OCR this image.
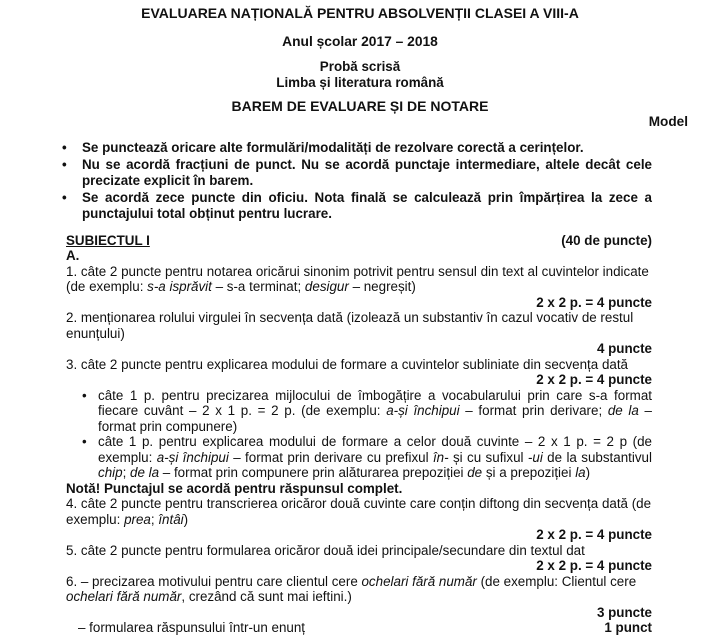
EVALUAREA NAȚIONALĂ PENTRU ABSOLVENȚII CLASEI A VIII-A
Anul școlar 2017 – 2018
Probă scrisă
Limba și literatura română
BAREM DE EVALUARE ȘI DE NOTARE
Model
• Se punctează oricare alte formulări/modalități de rezolvare corectă a cerințelor.
• Nu se acordă fracțiuni de punct. Nu se acordă punctaje intermediare, altele decât cele precizate explicit în barem.
• Se acordă zece puncte din oficiu. Nota finală se calculează prin împărțirea la zece a punctajului total obținut pentru lucrare.
SUBIECTUL I	(40 de puncte)
A.
1. câte 2 puncte pentru notarea oricărui sinonim potrivit pentru sensul din text al cuvintelor indicate (de exemplu: s-a isprăvit – s-a terminat; desigur – negreșit)
2 x 2 p. = 4 puncte
2. menționarea rolului virgulei în secvența dată (izolează un substantiv în cazul vocativ de restul enunțului)
4 puncte
3. câte 2 puncte pentru explicarea modului de formare a cuvintelor subliniate din secvența dată
2 x 2 p. = 4 puncte
• câte 1 p. pentru precizarea mijlocului de îmbogățire a vocabularului prin care s-a format fiecare cuvânt – 2 x 1 p. = 2 p. (de exemplu: a-și închipui – format prin derivare; de la – format prin compunere)
• câte 1 p. pentru explicarea modului de formare a celor două cuvinte – 2 x 1 p. = 2 p (de exemplu: a-și închipui – format prin derivare cu prefixul în- și cu sufixul -ui de la substantivul chip; de la – format prin compunere prin alăturarea prepoziției de și a prepoziției la)
Notă! Punctajul se acordă pentru răspunsul complet.
4. câte 2 puncte pentru transcrierea oricăror două cuvinte care conțin diftong din secvența dată (de exemplu: prea; întâi)
2 x 2 p. = 4 puncte
5. câte 2 puncte pentru formularea oricăror două idei principale/secundare din textul dat
2 x 2 p. = 4 puncte
6. – precizarea motivului pentru care clientul cere ochelari fără număr (de exemplu: Clientul cere ochelari fără număr, crezând că sunt mai ieftini.)
3 puncte
– formularea răspunsului într-un enunț	1 punct
